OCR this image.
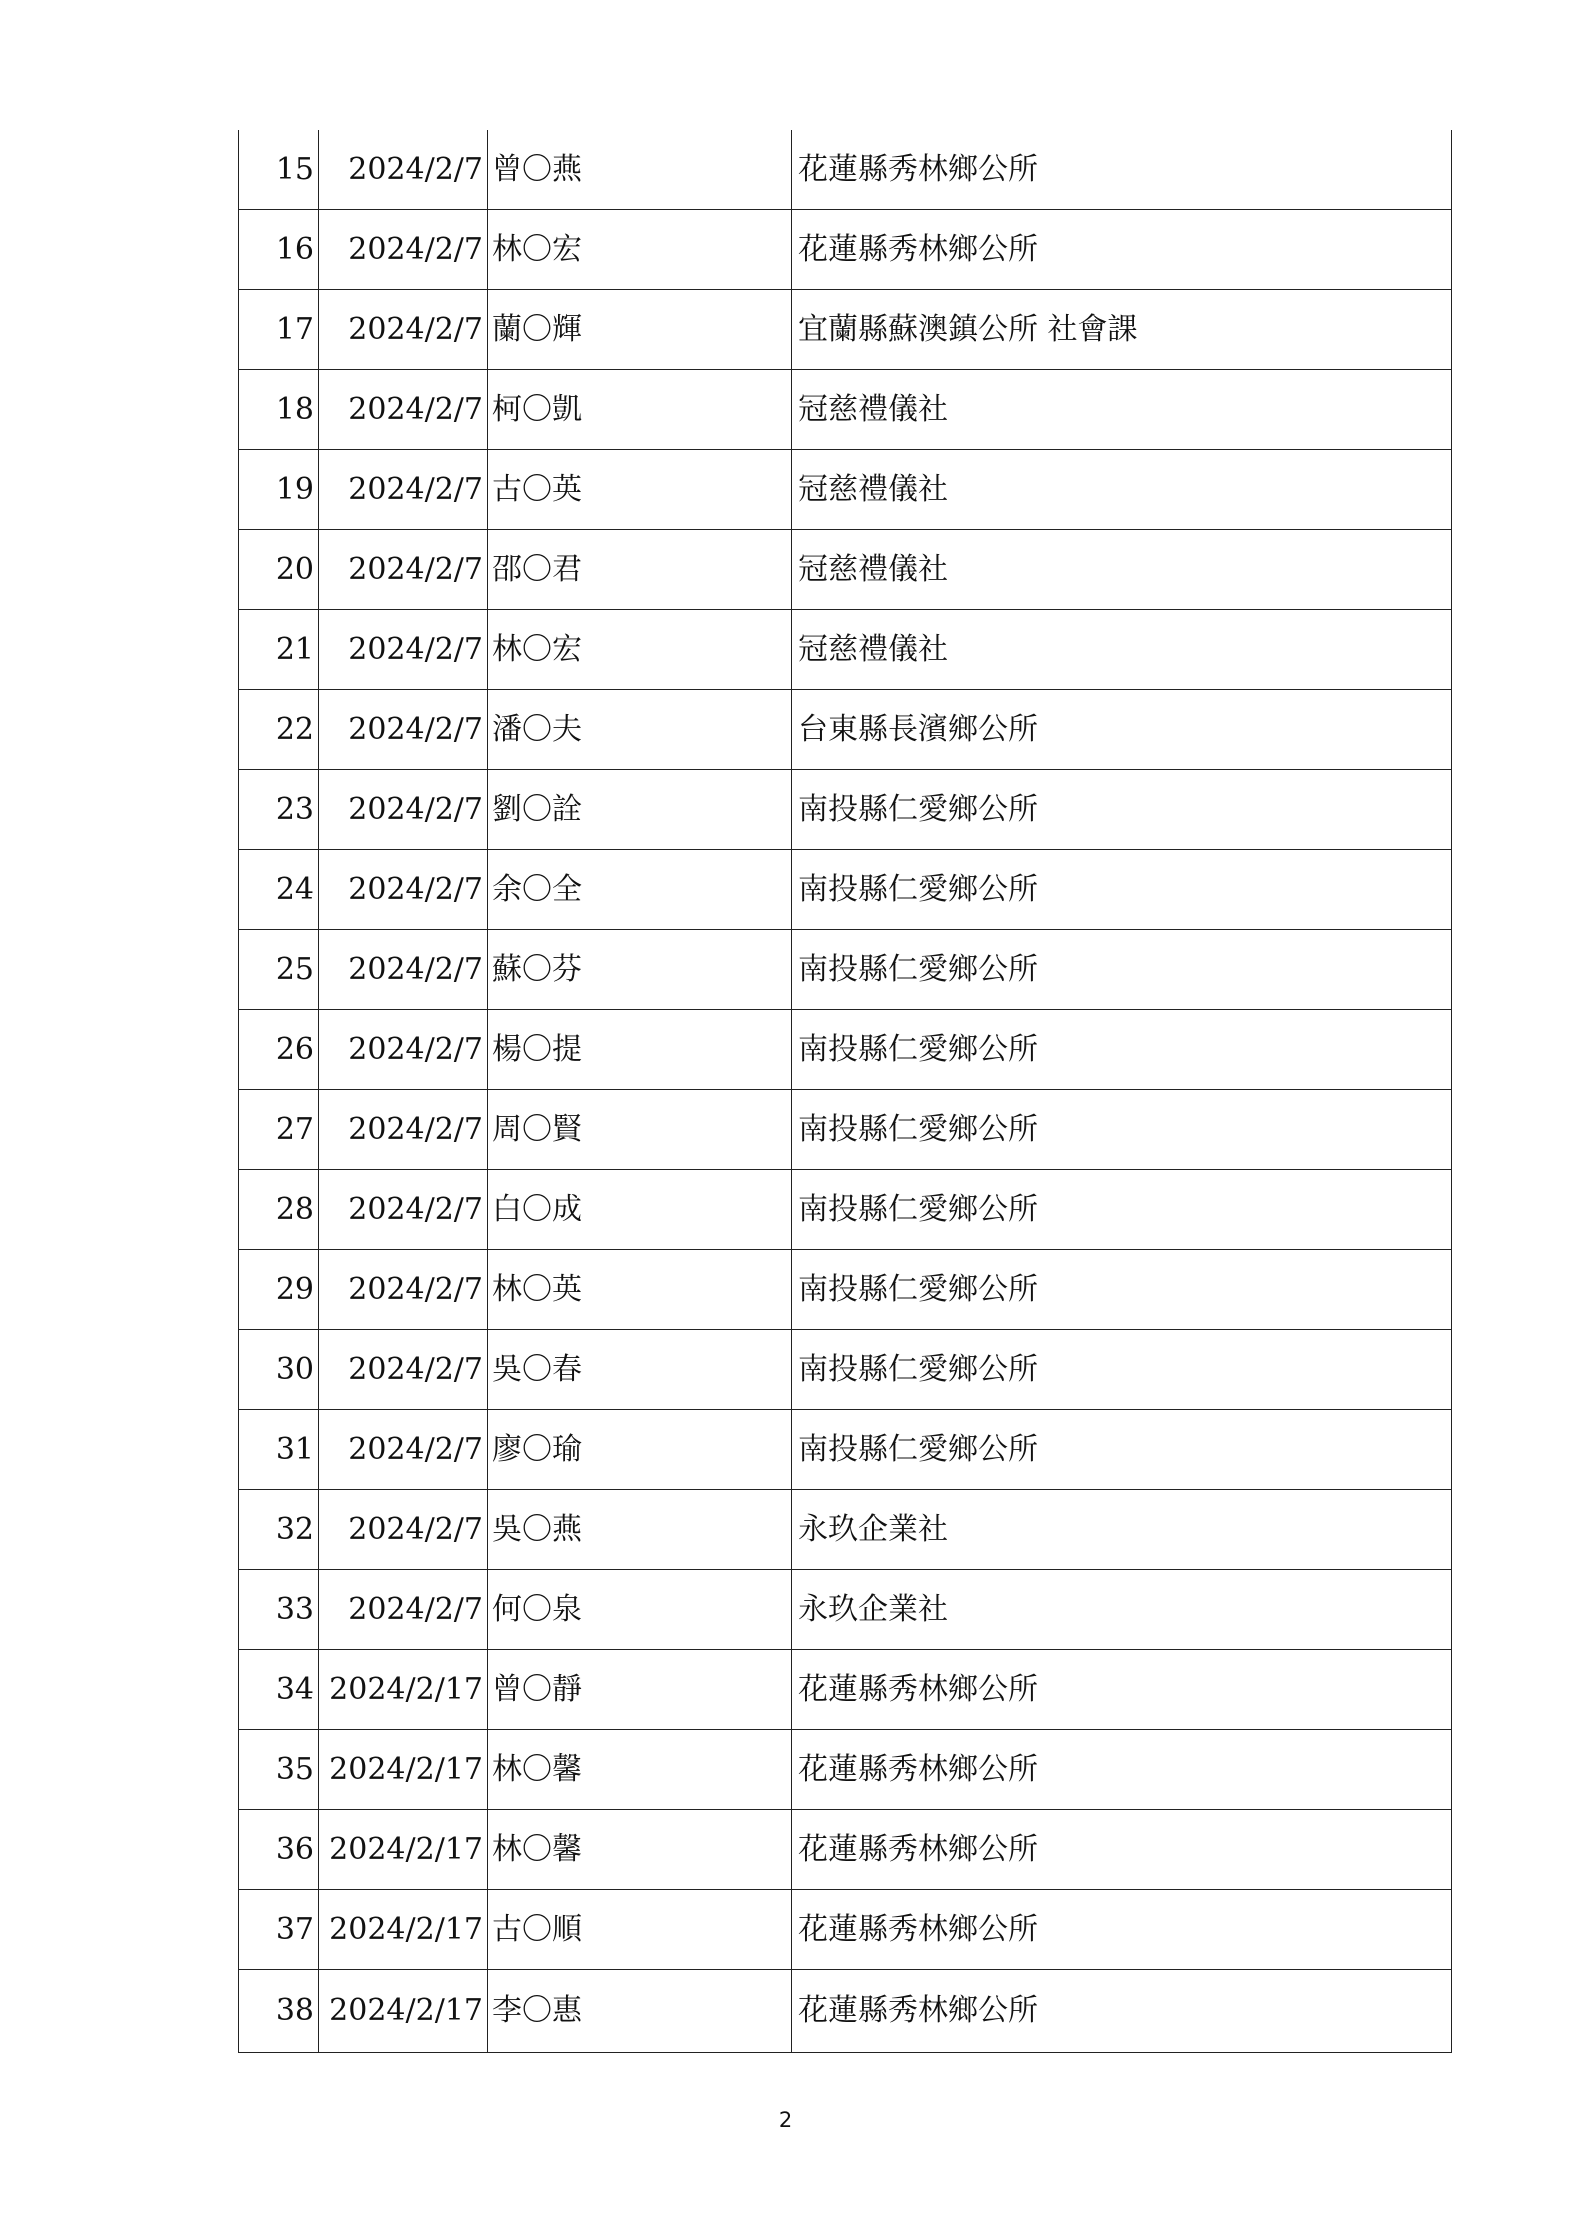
15	2024/2/7 曾〇燕	花蓮縣秀林鄉公所
16	2024/2/7 林〇宏	花蓮縣秀林鄉公所
17	2024/2/7 蘭〇輝	宜蘭縣蘇澳鎮公所 社會課
18	2024/2/7 柯〇凱	冠慈禮儀社
19	2024/2/7 古〇英	冠慈禮儀社
20	2024/2/7 邵〇君	冠慈禮儀社
21	2024/2/7 林〇宏	冠慈禮儀社
22	2024/2/7 潘〇夫	台東縣長濱鄉公所
23	2024/2/7 劉〇詮	南投縣仁愛鄉公所
24	2024/2/7 余〇全	南投縣仁愛鄉公所
25	2024/2/7 蘇〇芬	南投縣仁愛鄉公所
26	2024/2/7 楊〇提	南投縣仁愛鄉公所
27	2024/2/7 周〇賢	南投縣仁愛鄉公所
28	2024/2/7 白〇成	南投縣仁愛鄉公所
29	2024/2/7 林〇英	南投縣仁愛鄉公所
30	2024/2/7 吳〇春	南投縣仁愛鄉公所
31	2024/2/7 廖〇瑜	南投縣仁愛鄉公所
32	2024/2/7 吳〇燕	永玖企業社
33	2024/2/7 何〇泉	永玖企業社
34 2024/2/17 曾〇靜	花蓮縣秀林鄉公所
35 2024/2/17 林〇馨	花蓮縣秀林鄉公所
36 2024/2/17 林〇馨	花蓮縣秀林鄉公所
37 2024/2/17 古〇順	花蓮縣秀林鄉公所
38 2024/2/17 李〇惠	花蓮縣秀林鄉公所
2
